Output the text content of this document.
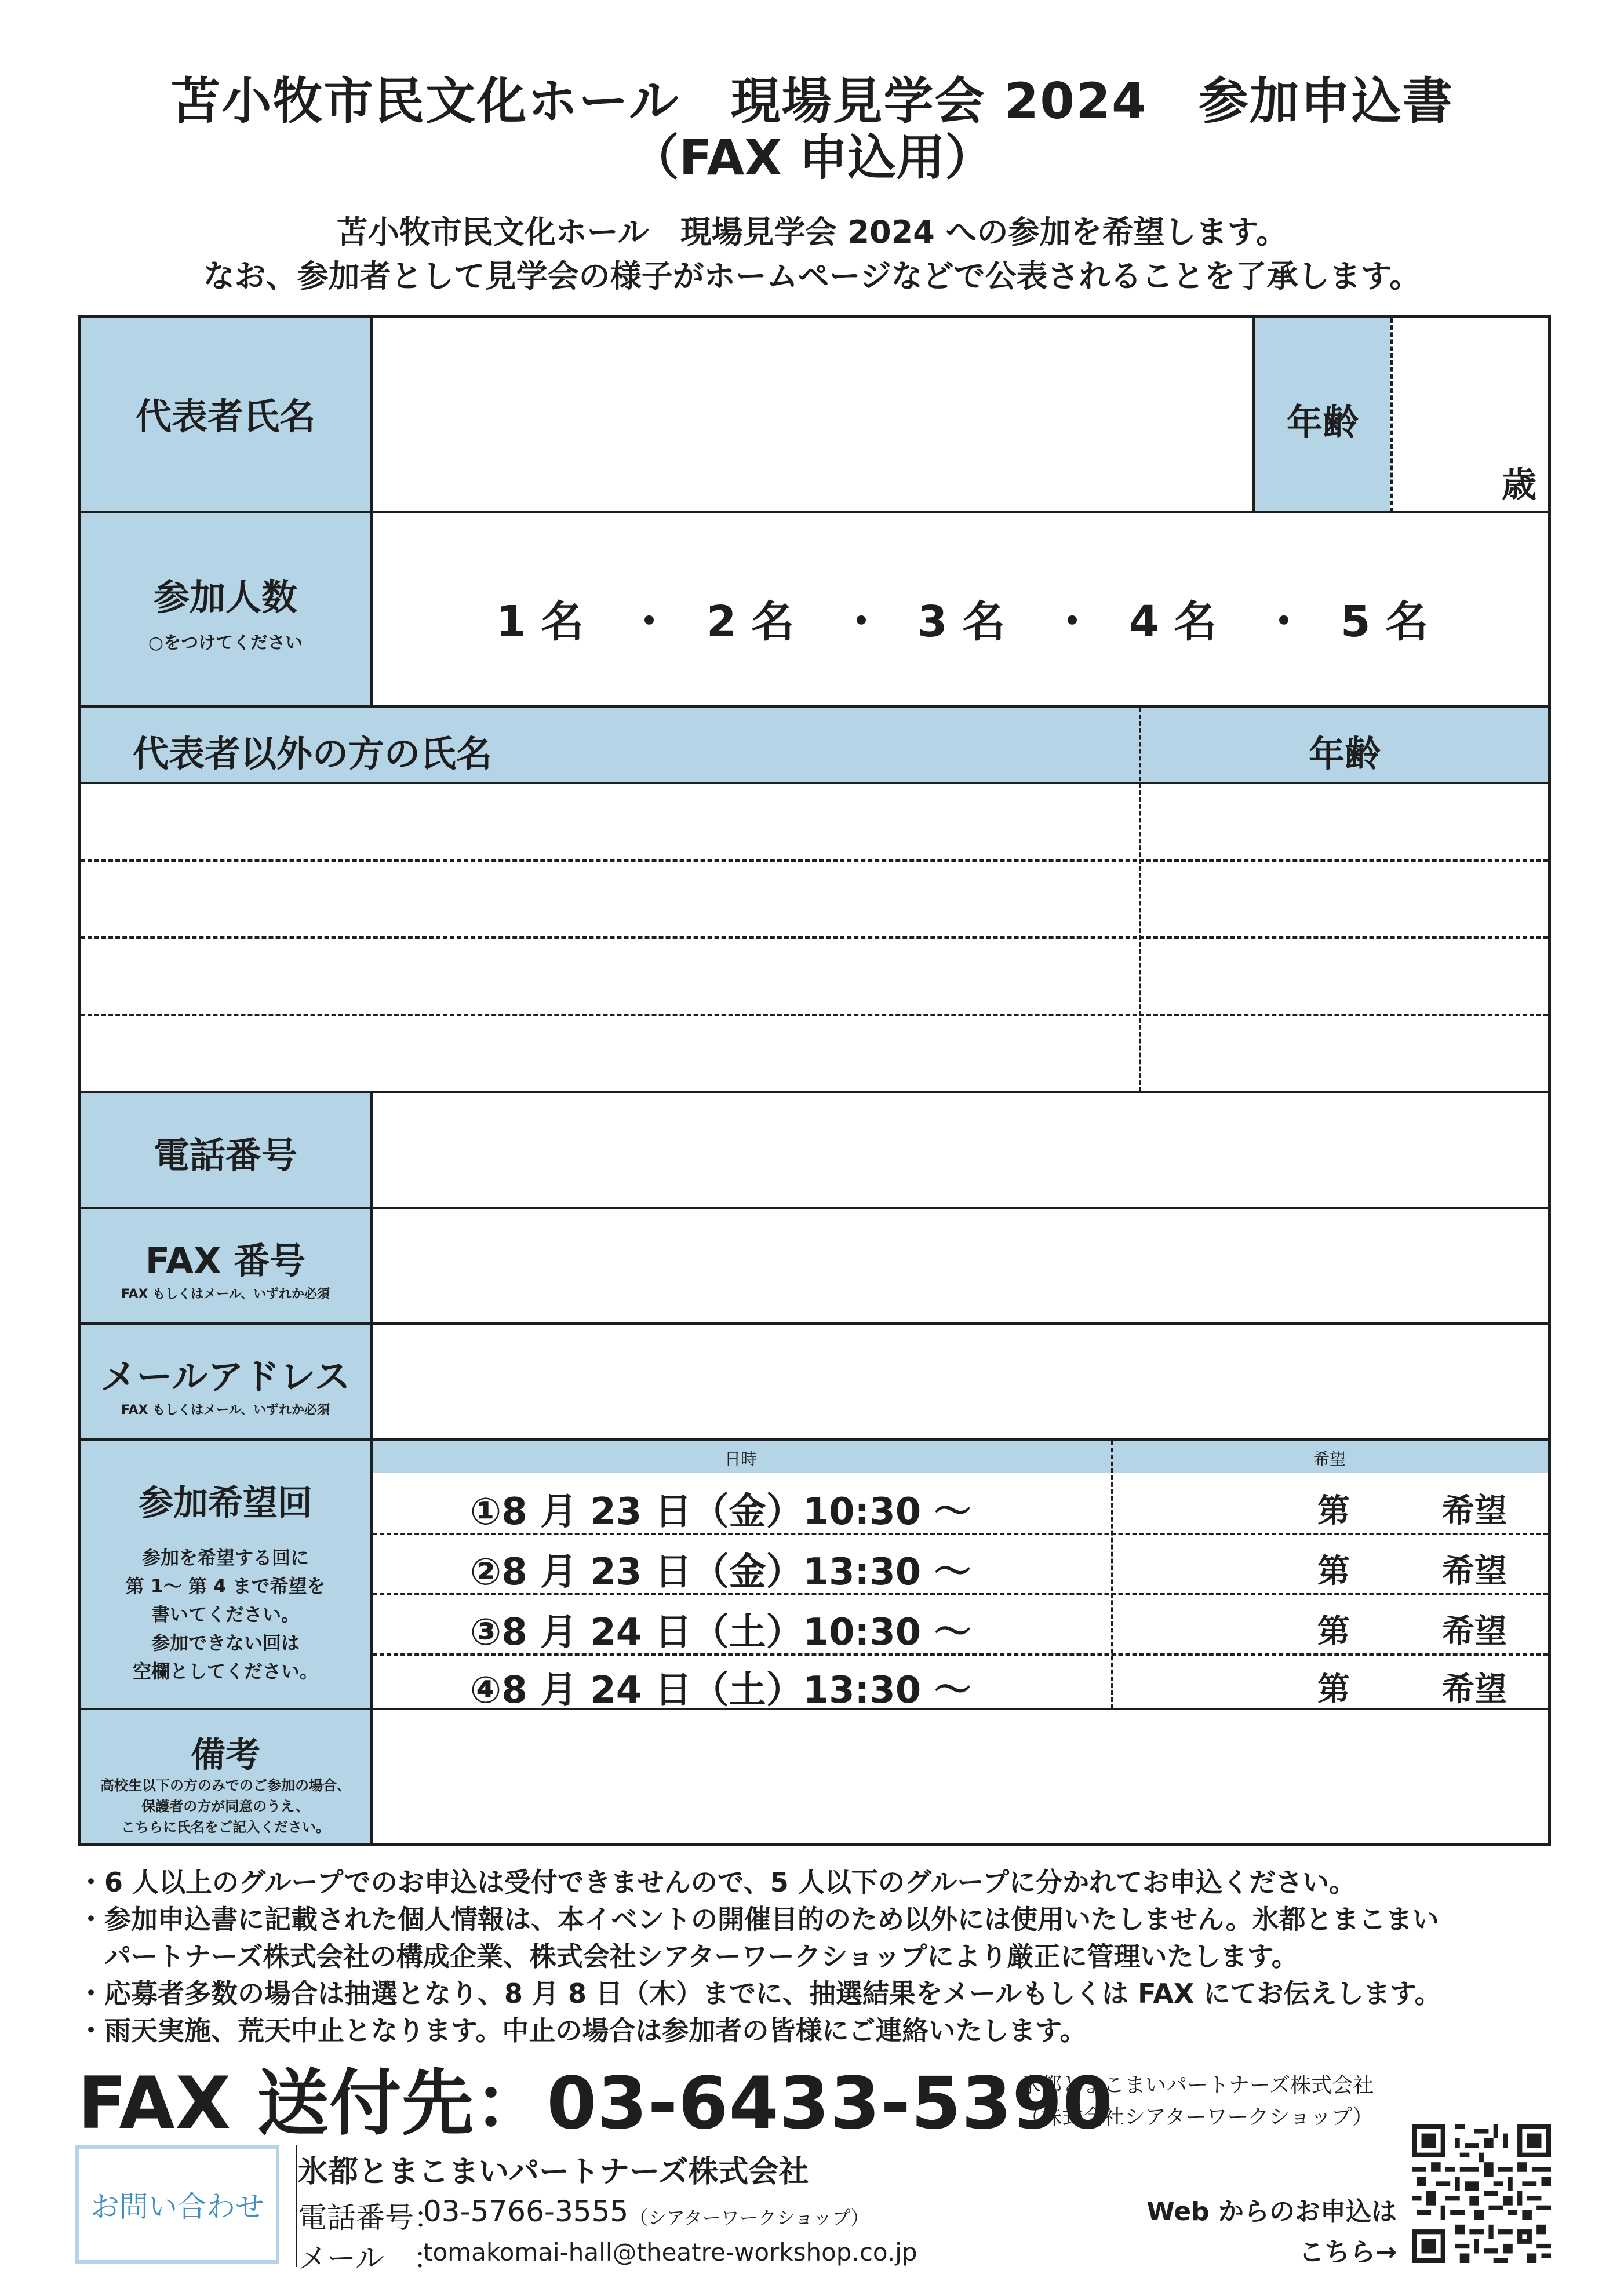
苫小牧市民文化ホール　現場見学会 2024　参加申込書
（FAX 申込用）
苫小牧市民文化ホール　現場見学会 2024 への参加を希望します。
なお、参加者として見学会の様子がホームページなどで公表されることを了承します。
代表者氏名	年齢
歳
参加人数
○をつけてください	1 名 ・ 2 名 ・ 3 名 ・ 4 名 ・ 5 名
代表者以外の方の氏名	年齢
電話番号
FAX 番号
FAX もしくはメール、いずれか必須
メールアドレス
FAX もしくはメール、いずれか必須
参加希望回
参加を希望する回に
第 1～ 第 4 まで希望を
書いてください。
参加できない回は
空欄としてください。
日時	希望
①8 月 23 日（金）10:30 ～	第	希望
②8 月 23 日（金）13:30 ～	第	希望
③8 月 24 日（土）10:30 ～	第	希望
④8 月 24 日（土）13:30 ～	第	希望
備考
高校生以下の方のみでのご参加の場合、
保護者の方が同意のうえ、
こちらに氏名をご記入ください。
・6 人以上のグループでのお申込は受付できませんので、5 人以下のグループに分かれてお申込ください。
・参加申込書に記載された個人情報は、本イベントの開催目的のため以外には使用いたしません。氷都とまこまい
　パートナーズ株式会社の構成企業、株式会社シアターワークショップにより厳正に管理いたします。
・応募者多数の場合は抽選となり、8 月 8 日（木）までに、抽選結果をメールもしくは FAX にてお伝えします。
・雨天実施、荒天中止となります。中止の場合は参加者の皆様にご連絡いたします。
FAX 送付先：03-6433-5390
氷都とまこまいパートナーズ株式会社
（株式会社シアターワークショップ）
お問い合わせ
氷都とまこまいパートナーズ株式会社
電話番号：
03-5766-3555 （シアターワークショップ）
メール　：
tomakomai-hall@theatre-workshop.co.jp
Web からのお申込は
こちら→
